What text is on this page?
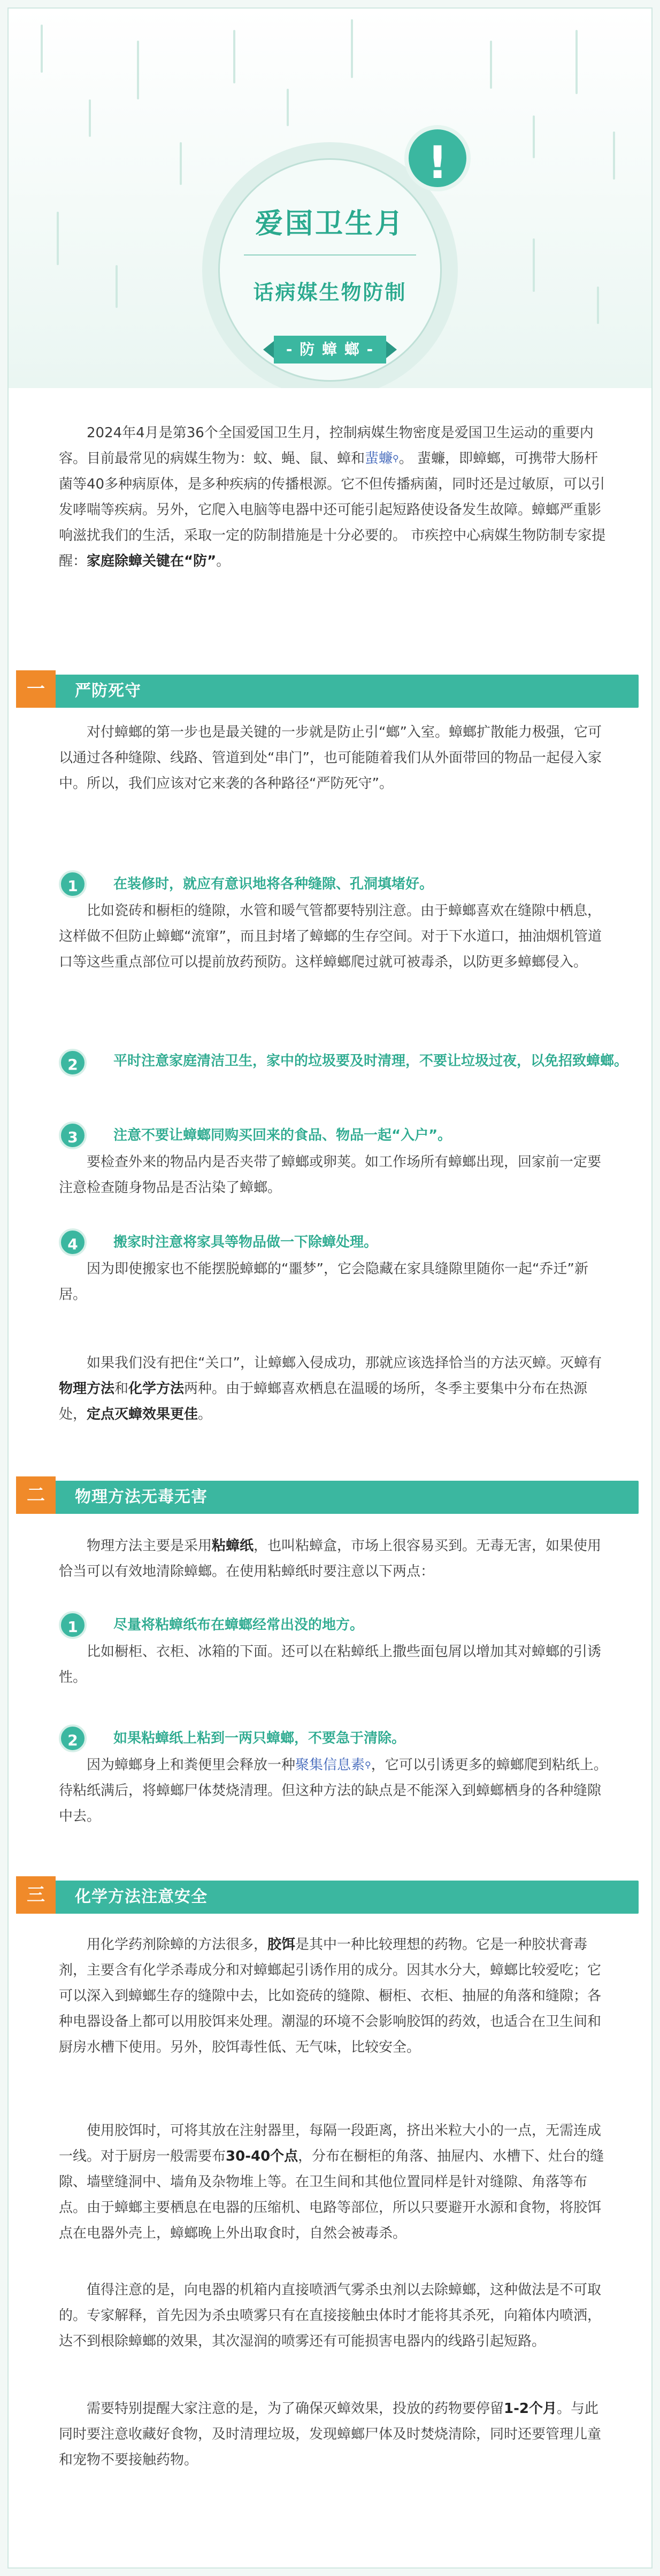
!
爱国卫生月
话病媒生物防制
- 防 蟑 螂 -
2024年4月是第36个全国爱国卫生月，控制病媒生物密度是爱国卫生运动的重要内容。目前最常见的病媒生物为：蚊、蝇、鼠、蟑和蜚蠊⚲。 蜚蠊，即蟑螂，可携带大肠杆菌等40多种病原体，是多种疾病的传播根源。它不但传播病菌，同时还是过敏原，可以引发哮喘等疾病。另外，它爬入电脑等电器中还可能引起短路使设备发生故障。蟑螂严重影响滋扰我们的生活，采取一定的防制措施是十分必要的。 市疾控中心病媒生物防制专家提醒：家庭除蟑关键在“防”。
一	严防死守
对付蟑螂的第一步也是最关键的一步就是防止引“螂”入室。蟑螂扩散能力极强，它可以通过各种缝隙、线路、管道到处“串门”，也可能随着我们从外面带回的物品一起侵入家中。所以，我们应该对它来袭的各种路径“严防死守”。
1	在装修时，就应有意识地将各种缝隙、孔洞填堵好。
比如瓷砖和橱柜的缝隙，水管和暖气管都要特别注意。由于蟑螂喜欢在缝隙中栖息，这样做不但防止蟑螂“流窜”，而且封堵了蟑螂的生存空间。对于下水道口，抽油烟机管道口等这些重点部位可以提前放药预防。这样蟑螂爬过就可被毒杀，以防更多蟑螂侵入。
2	平时注意家庭清洁卫生，家中的垃圾要及时清理，不要让垃圾过夜，以免招致蟑螂。
3	注意不要让蟑螂同购买回来的食品、物品一起“入户”。
要检查外来的物品内是否夹带了蟑螂或卵荚。如工作场所有蟑螂出现，回家前一定要注意检查随身物品是否沾染了蟑螂。
4	搬家时注意将家具等物品做一下除蟑处理。
因为即使搬家也不能摆脱蟑螂的“噩梦”，它会隐藏在家具缝隙里随你一起“乔迁”新居。
如果我们没有把住“关口”，让蟑螂入侵成功，那就应该选择恰当的方法灭蟑。灭蟑有物理方法和化学方法两种。由于蟑螂喜欢栖息在温暖的场所，冬季主要集中分布在热源处，定点灭蟑效果更佳。
二	物理方法无毒无害
物理方法主要是采用粘蟑纸，也叫粘蟑盒，市场上很容易买到。无毒无害，如果使用恰当可以有效地清除蟑螂。在使用粘蟑纸时要注意以下两点：
1	尽量将粘蟑纸布在蟑螂经常出没的地方。
比如橱柜、衣柜、冰箱的下面。还可以在粘蟑纸上撒些面包屑以增加其对蟑螂的引诱性。
2	如果粘蟑纸上粘到一两只蟑螂，不要急于清除。
因为蟑螂身上和粪便里会释放一种聚集信息素⚲，它可以引诱更多的蟑螂爬到粘纸上。待粘纸满后，将蟑螂尸体焚烧清理。但这种方法的缺点是不能深入到蟑螂栖身的各种缝隙中去。
三	化学方法注意安全
用化学药剂除蟑的方法很多，胶饵是其中一种比较理想的药物。它是一种胶状膏毒剂，主要含有化学杀毒成分和对蟑螂起引诱作用的成分。因其水分大，蟑螂比较爱吃；它可以深入到蟑螂生存的缝隙中去，比如瓷砖的缝隙、橱柜、衣柜、抽屉的角落和缝隙；各种电器设备上都可以用胶饵来处理。潮湿的环境不会影响胶饵的药效，也适合在卫生间和厨房水槽下使用。另外，胶饵毒性低、无气味，比较安全。
使用胶饵时，可将其放在注射器里，每隔一段距离，挤出米粒大小的一点，无需连成一线。对于厨房一般需要布30-40个点，分布在橱柜的角落、抽屉内、水槽下、灶台的缝隙、墙壁缝洞中、墙角及杂物堆上等。在卫生间和其他位置同样是针对缝隙、角落等布点。由于蟑螂主要栖息在电器的压缩机、电路等部位，所以只要避开水源和食物，将胶饵点在电器外壳上，蟑螂晚上外出取食时，自然会被毒杀。
值得注意的是，向电器的机箱内直接喷洒气雾杀虫剂以去除蟑螂，这种做法是不可取的。专家解释，首先因为杀虫喷雾只有在直接接触虫体时才能将其杀死，向箱体内喷洒，达不到根除蟑螂的效果，其次湿润的喷雾还有可能损害电器内的线路引起短路。
需要特别提醒大家注意的是，为了确保灭蟑效果，投放的药物要停留1-2个月。与此同时要注意收藏好食物，及时清理垃圾，发现蟑螂尸体及时焚烧清除，同时还要管理儿童和宠物不要接触药物。
